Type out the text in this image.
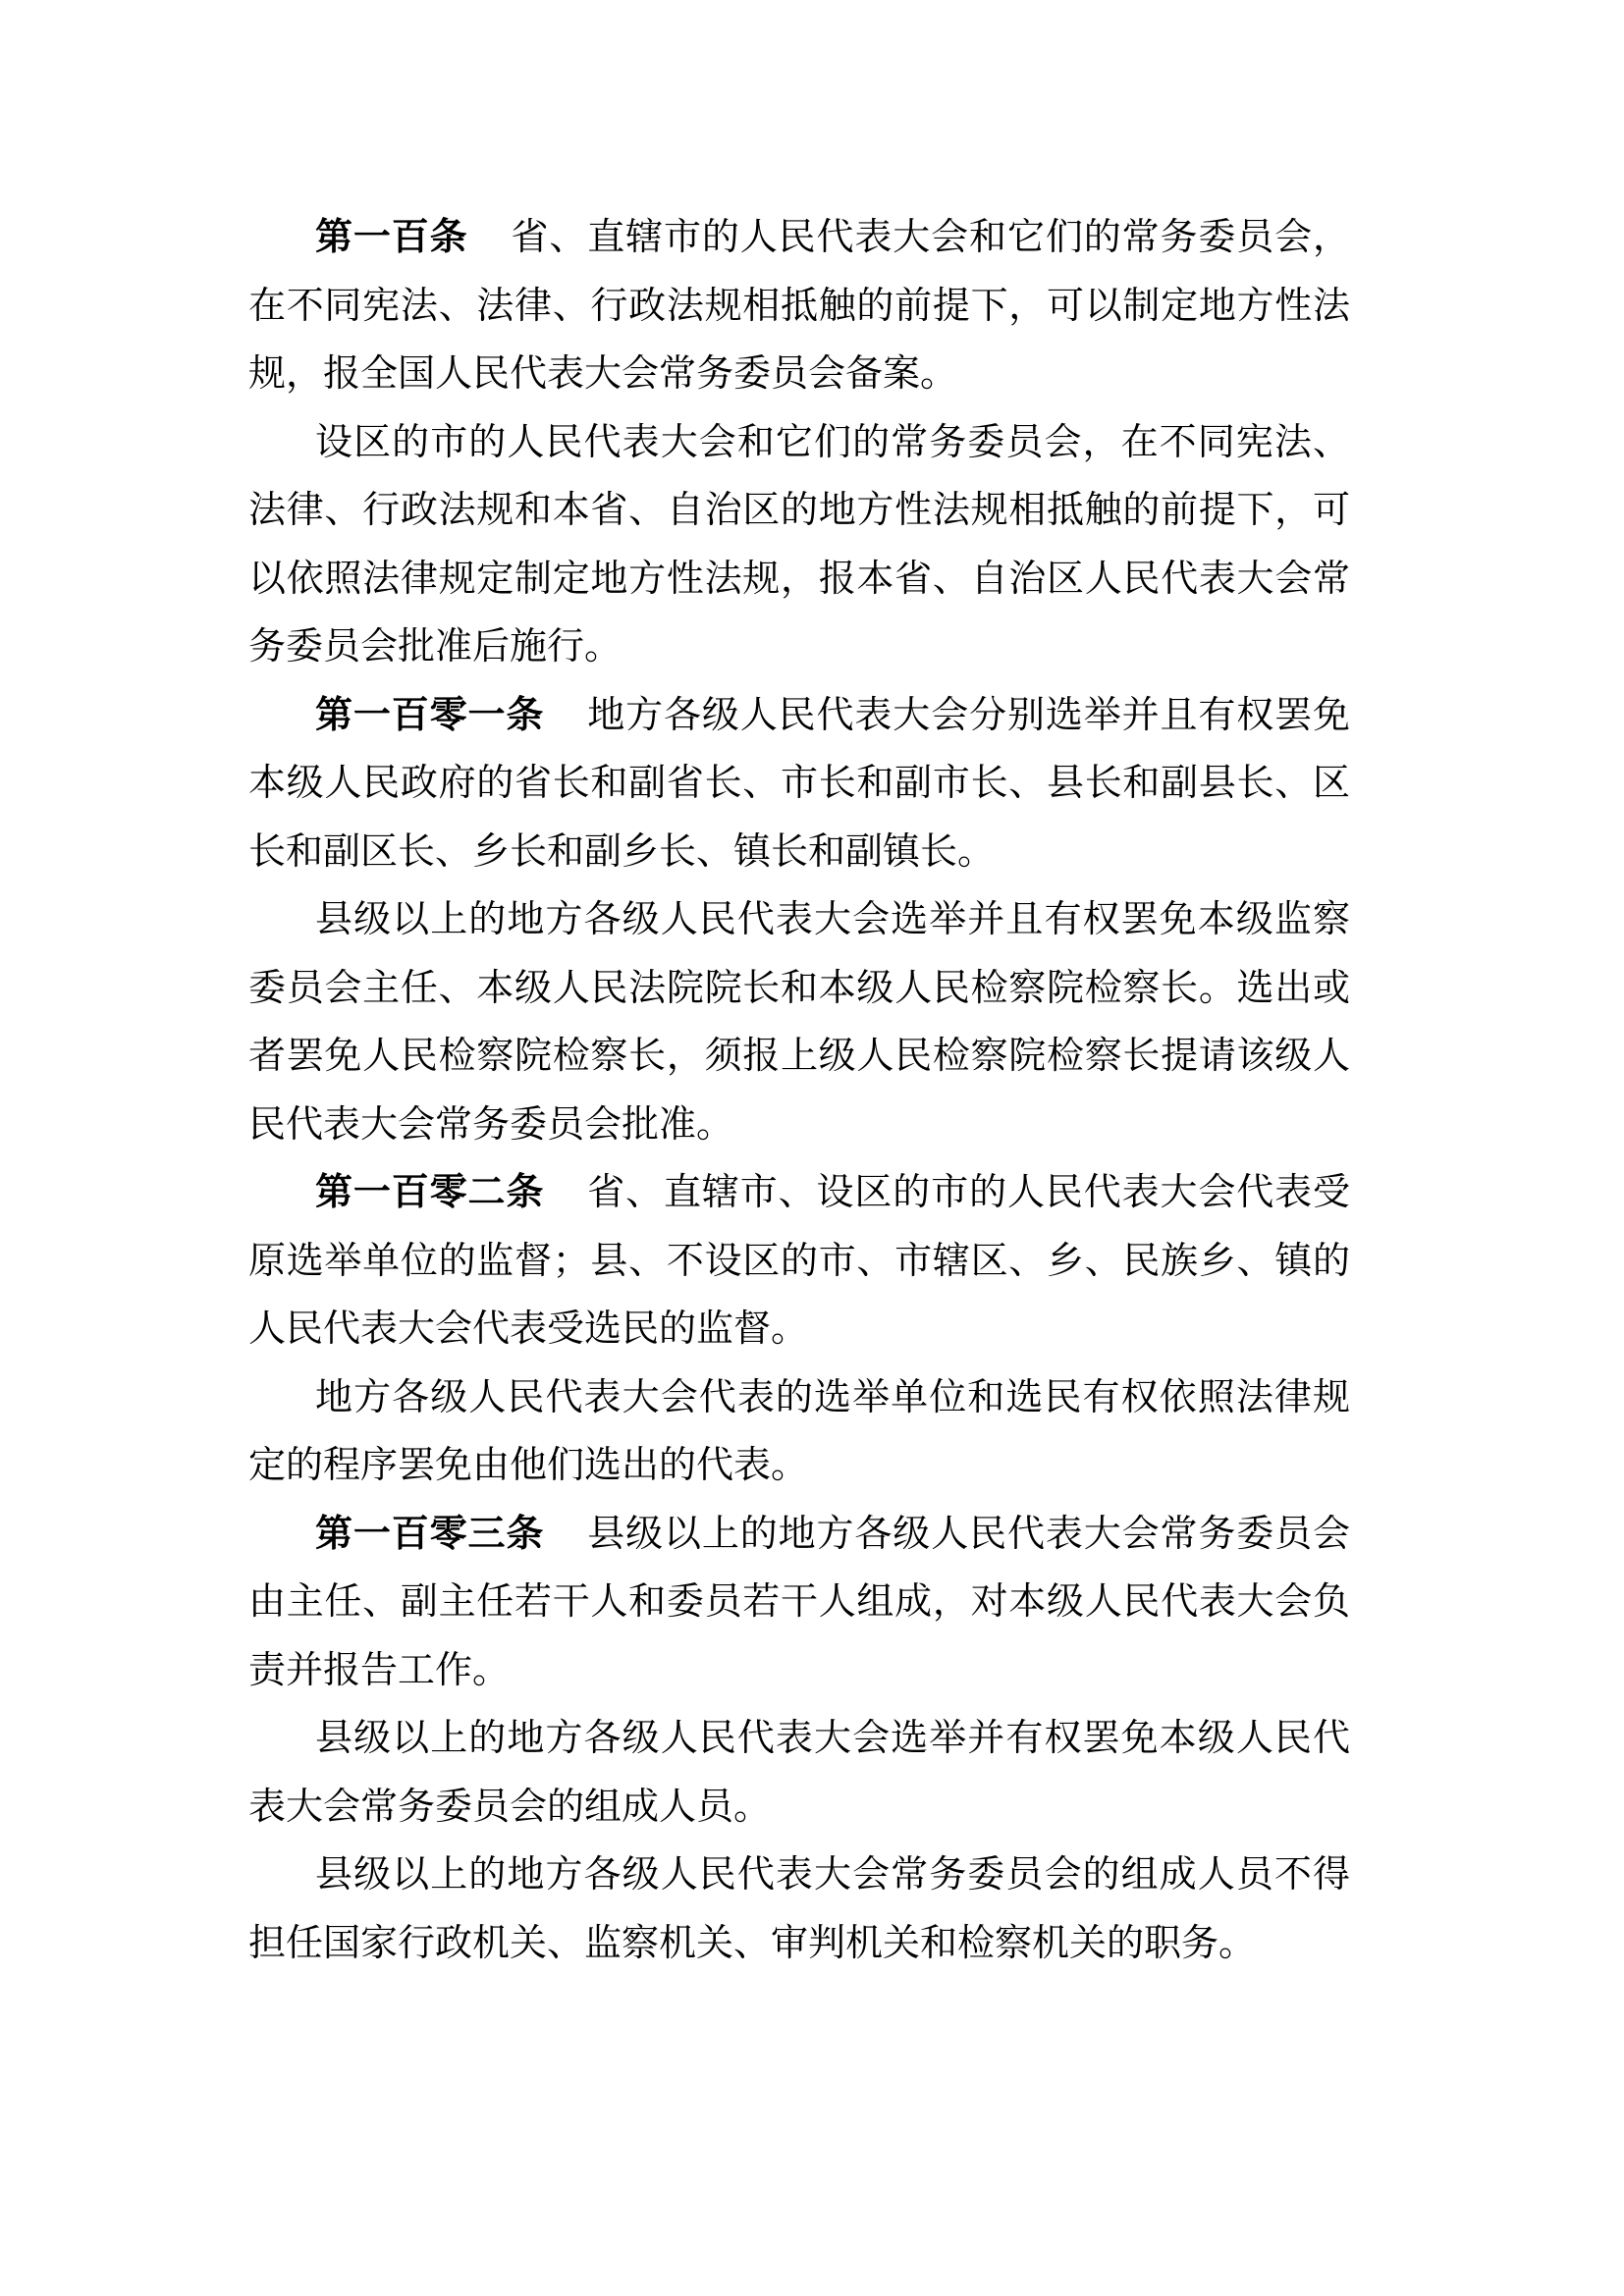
第一百条 省、直辖市的人民代表大会和它们的常务委员会，
在不同宪法、法律、行政法规相抵触的前提下，可以制定地方性法
规，报全国人民代表大会常务委员会备案。
设区的市的人民代表大会和它们的常务委员会，在不同宪法、
法律、行政法规和本省、自治区的地方性法规相抵触的前提下，可
以依照法律规定制定地方性法规，报本省、自治区人民代表大会常
务委员会批准后施行。
第一百零一条 地方各级人民代表大会分别选举并且有权罢免
本级人民政府的省长和副省长、市长和副市长、县长和副县长、区
长和副区长、乡长和副乡长、镇长和副镇长。
县级以上的地方各级人民代表大会选举并且有权罢免本级监察
委员会主任、本级人民法院院长和本级人民检察院检察长。选出或
者罢免人民检察院检察长，须报上级人民检察院检察长提请该级人
民代表大会常务委员会批准。
第一百零二条 省、直辖市、设区的市的人民代表大会代表受
原选举单位的监督；县、不设区的市、市辖区、乡、民族乡、镇的
人民代表大会代表受选民的监督。
地方各级人民代表大会代表的选举单位和选民有权依照法律规
定的程序罢免由他们选出的代表。
第一百零三条 县级以上的地方各级人民代表大会常务委员会
由主任、副主任若干人和委员若干人组成，对本级人民代表大会负
责并报告工作。
县级以上的地方各级人民代表大会选举并有权罢免本级人民代
表大会常务委员会的组成人员。
县级以上的地方各级人民代表大会常务委员会的组成人员不得
担任国家行政机关、监察机关、审判机关和检察机关的职务。
